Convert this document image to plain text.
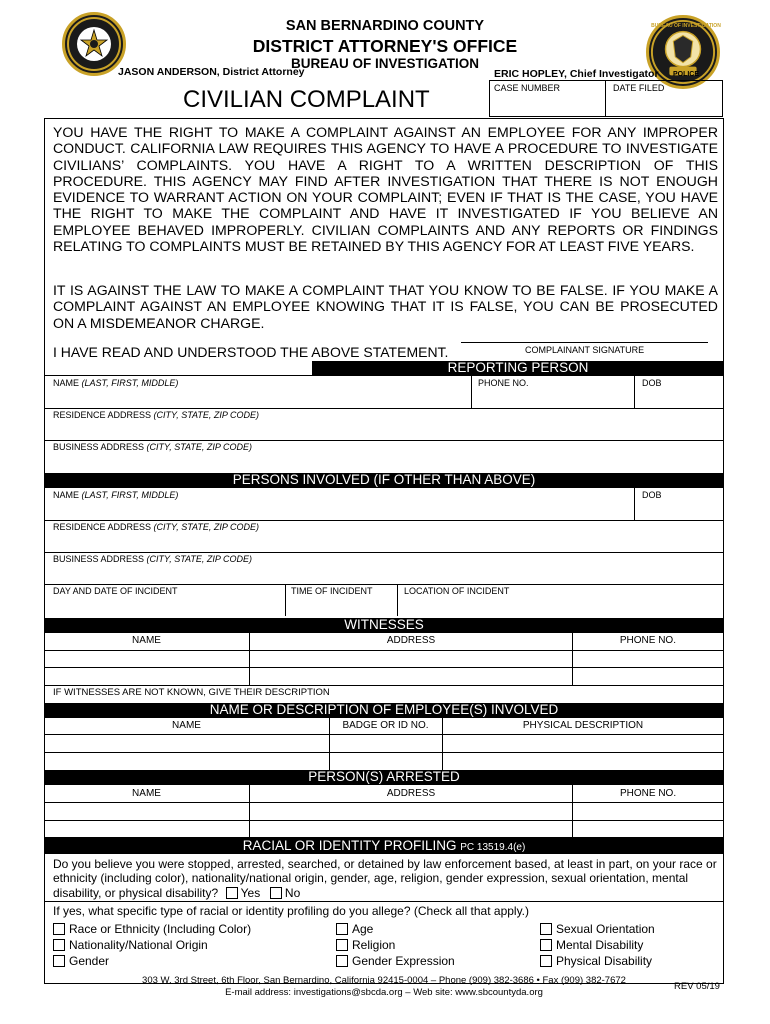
POLICE
BUREAU OF INVESTIGATION
SAN BERNARDINO COUNTY
DISTRICT ATTORNEY'S OFFICE
BUREAU OF INVESTIGATION
JASON ANDERSON, District Attorney	ERIC HOPLEY, Chief Investigator
CIVILIAN COMPLAINT	CASE NUMBER	DATE FILED
YOU HAVE THE RIGHT TO MAKE A COMPLAINT AGAINST AN EMPLOYEE FOR ANY IMPROPER CONDUCT. CALIFORNIA LAW REQUIRES THIS AGENCY TO HAVE A PROCEDURE TO INVESTIGATE CIVILIANS’ COMPLAINTS. YOU HAVE A RIGHT TO A WRITTEN DESCRIPTION OF THIS PROCEDURE. THIS AGENCY MAY FIND AFTER INVESTIGATION THAT THERE IS NOT ENOUGH EVIDENCE TO WARRANT ACTION ON YOUR COMPLAINT; EVEN IF THAT IS THE CASE, YOU HAVE THE RIGHT TO MAKE THE COMPLAINT AND HAVE IT INVESTIGATED IF YOU BELIEVE AN EMPLOYEE BEHAVED IMPROPERLY. CIVILIAN COMPLAINTS AND ANY REPORTS OR FINDINGS RELATING TO COMPLAINTS MUST BE RETAINED BY THIS AGENCY FOR AT LEAST FIVE YEARS.
IT IS AGAINST THE LAW TO MAKE A COMPLAINT THAT YOU KNOW TO BE FALSE. IF YOU MAKE A COMPLAINT AGAINST AN EMPLOYEE KNOWING THAT IT IS FALSE, YOU CAN BE PROSECUTED ON A MISDEMEANOR CHARGE.
I HAVE READ AND UNDERSTOOD THE ABOVE STATEMENT.	COMPLAINANT SIGNATURE
REPORTING PERSON
NAME (LAST, FIRST, MIDDLE)	PHONE NO.	DOB
RESIDENCE ADDRESS (CITY, STATE, ZIP CODE)
BUSINESS ADDRESS (CITY, STATE, ZIP CODE)
PERSONS INVOLVED (IF OTHER THAN ABOVE)
NAME (LAST, FIRST, MIDDLE)	DOB
RESIDENCE ADDRESS (CITY, STATE, ZIP CODE)
BUSINESS ADDRESS (CITY, STATE, ZIP CODE)
DAY AND DATE OF INCIDENT	TIME OF INCIDENT	LOCATION OF INCIDENT
WITNESSES
NAME	ADDRESS	PHONE NO.
IF WITNESSES ARE NOT KNOWN, GIVE THEIR DESCRIPTION
NAME OR DESCRIPTION OF EMPLOYEE(S) INVOLVED
NAME	BADGE OR ID NO.	PHYSICAL DESCRIPTION
PERSON(S) ARRESTED
NAME	ADDRESS	PHONE NO.
RACIAL OR IDENTITY PROFILING PC 13519.4(e)
Do you believe you were stopped, arrested, searched, or detained by law enforcement based, at least in part, on your race or ethnicity (including color), nationality/national origin, gender, age, religion, gender expression, sexual orientation, mental disability, or physical disability? Yes No
If yes, what specific type of racial or identity profiling do you allege? (Check all that apply.)
Race or Ethnicity (Including Color)
Nationality/National Origin
Gender
Age
Religion
Gender Expression
Sexual Orientation
Mental Disability
Physical Disability
303 W. 3rd Street, 6th Floor, San Bernardino, California 92415-0004 – Phone (909) 382-3686 • Fax (909) 382-7672
E-mail address: investigations@sbcda.org – Web site: www.sbcountyda.org
REV 05/19
